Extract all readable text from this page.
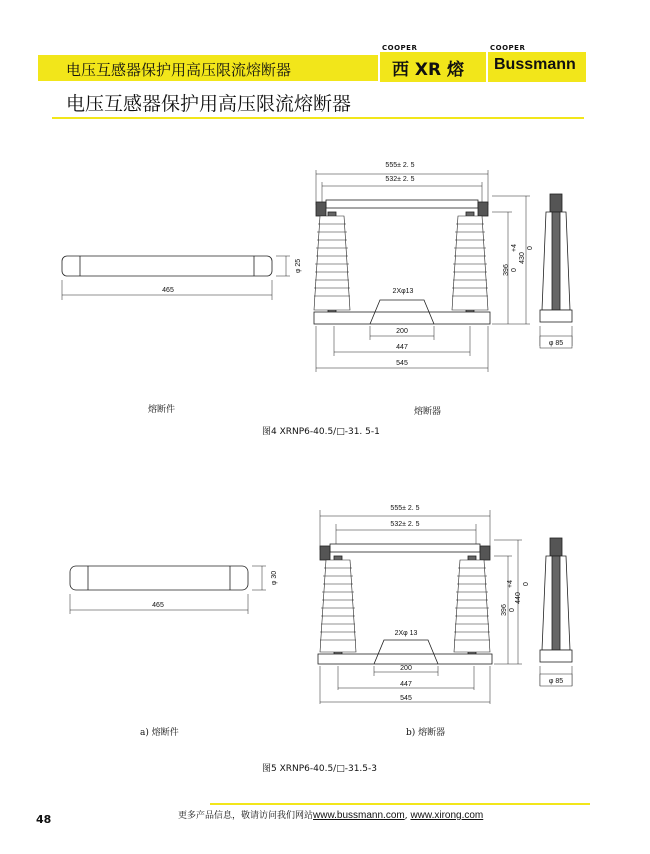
电压互感器保护用高压限流熔断器
COOPER
西 XR 熔
COOPER
Bussmann
电压互感器保护用高压限流熔断器
555± 2. 5
532± 2. 5
465
φ 25
2Xφ13
200
447
545
396 0
430
+4 0
φ 85
熔断件	熔断器
图4 XRNP6-40.5/□-31. 5-1
555± 2. 5
532± 2. 5
465
φ 30
2Xφ 13
200
447
545
396 0
440
+4 0
φ 85
a) 熔断件	b) 熔断器
图5 XRNP6-40.5/□-31.5-3
48	更多产品信息，敬请访问我们网站www.bussmann.com, www.xirong.com
